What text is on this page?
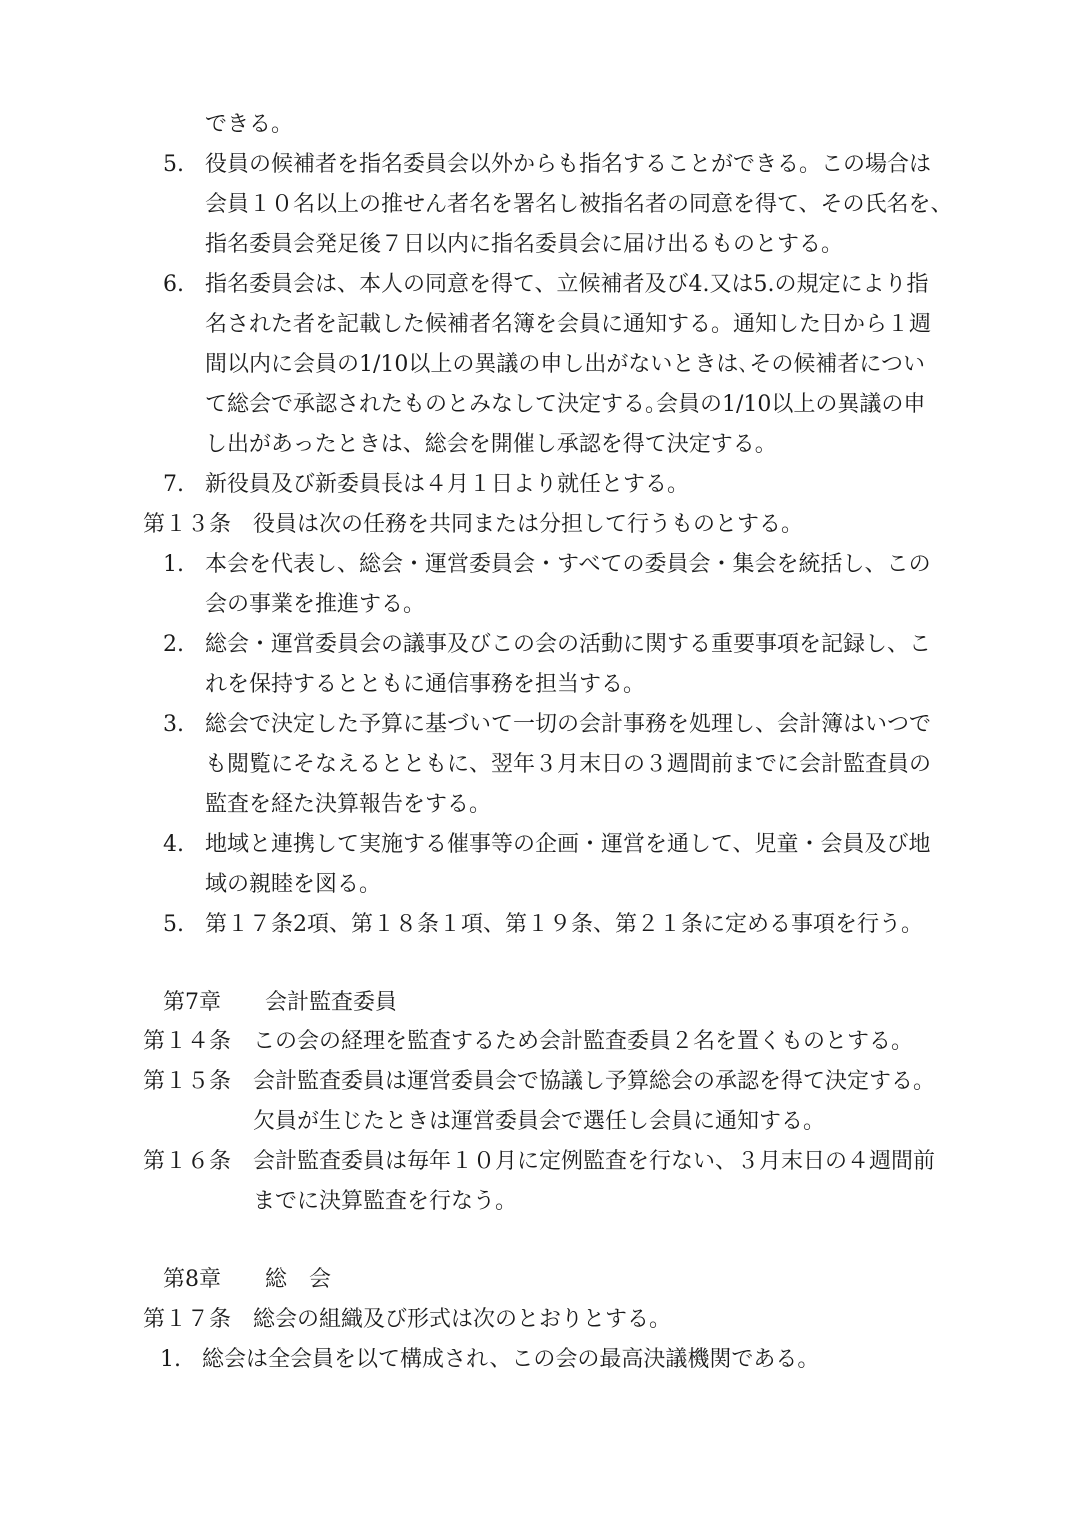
できる。
5. 役員の候補者を指名委員会以外からも指名することができる。この場合は
会員１０名以上の推せん者名を署名し被指名者の同意を得て、その氏名を、
指名委員会発足後７日以内に指名委員会に届け出るものとする。
6. 指名委員会は、本人の同意を得て、立候補者及び4.又は5.の規定により指
名された者を記載した候補者名簿を会員に通知する。通知した日から１週
間以内に会員の1/10以上の異議の申し出がないときは､その候補者につい
て総会で承認されたものとみなして決定する｡会員の1/10以上の異議の申
し出があったときは、総会を開催し承認を得て決定する。
7. 新役員及び新委員長は４月１日より就任とする。
第１３条　役員は次の任務を共同または分担して行うものとする。
1. 本会を代表し、総会・運営委員会・すべての委員会・集会を統括し、この
会の事業を推進する。
2. 総会・運営委員会の議事及びこの会の活動に関する重要事項を記録し、こ
れを保持するとともに通信事務を担当する。
3. 総会で決定した予算に基づいて一切の会計事務を処理し、会計簿はいつで
も閲覧にそなえるとともに、翌年３月末日の３週間前までに会計監査員の
監査を経た決算報告をする。
4. 地域と連携して実施する催事等の企画・運営を通して、児童・会員及び地
域の親睦を図る。
5. 第１７条2項、第１８条１項、第１９条、第２１条に定める事項を行う。
第7章　　会計監査委員
第１４条　この会の経理を監査するため会計監査委員２名を置くものとする。
第１５条　会計監査委員は運営委員会で協議し予算総会の承認を得て決定する。
欠員が生じたときは運営委員会で選任し会員に通知する。
第１６条　会計監査委員は毎年１０月に定例監査を行ない、３月末日の４週間前
までに決算監査を行なう。
第8章　　総　会
第１７条　総会の組織及び形式は次のとおりとする。
1. 総会は全会員を以て構成され、この会の最高決議機関である。
